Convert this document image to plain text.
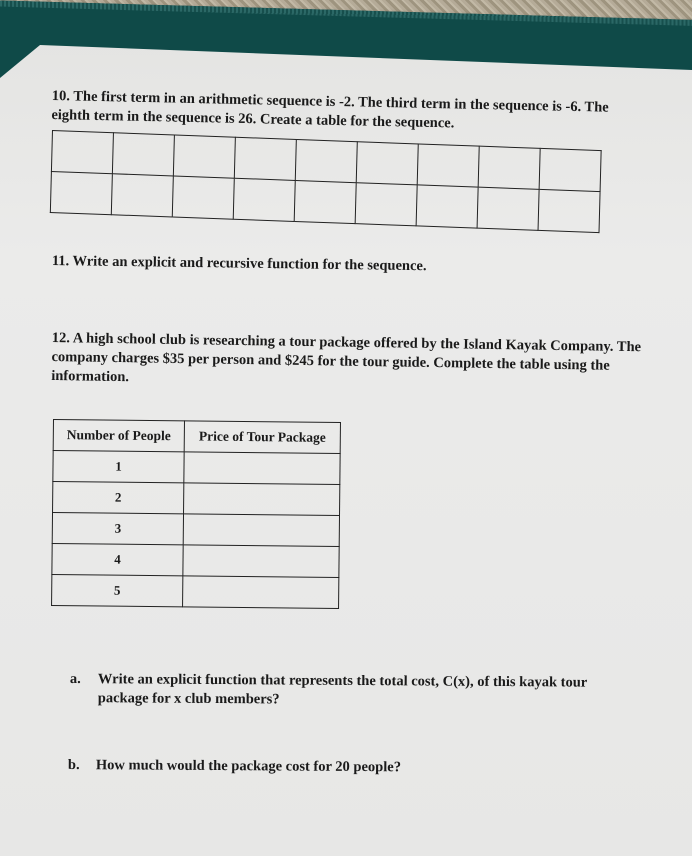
10. The first term in an arithmetic sequence is -2. The third term in the sequence is -6. The eighth term in the sequence is 26. Create a table for the sequence.

11. Write an explicit and recursive function for the sequence.
12. A high school club is researching a tour package offered by the Island Kayak Company. The company charges $35 per person and $245 for the tour guide. Complete the table using the information.
Number of People	Price of Tour Package
1	
2	
3	
4	
5	
a. Write an explicit function that represents the total cost, C(x), of this kayak tour package for x club members?
b. How much would the package cost for 20 people?
